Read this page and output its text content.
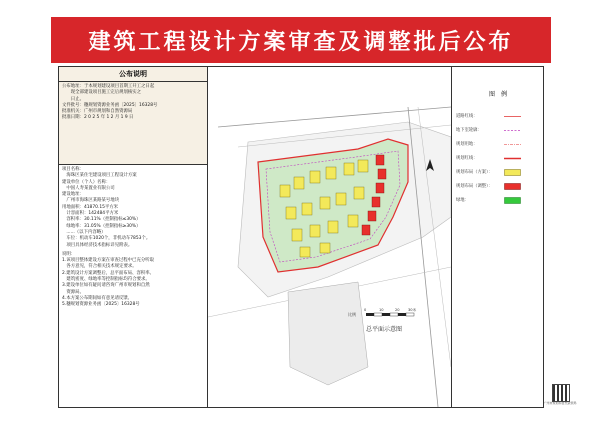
建筑工程设计方案审查及调整批后公布
公布说明

公布地址：于本规划建设项目首期工开工之日起

　　现全部建设项目施工完后规划核实之

　　日止。

文件批号：穗规划资源业务函〔2025〕16328号

批准机关：广州市规划和自然资源局

批准日期：2 0 2 5 年 1 2 月 1 9 日

项目名称：

　海珠区某住宅建设项目工程设计方案

建设单位（个人）名称：

　中国人寿某置业有限公司

建设地址：

　广州市海珠区某路某号地块

用地面积：41870.15平方米

　计容面积：142484平方米

　容积率：30.11%（控制指标≤30%）

　绿地率：31.05%（控制指标≥30%）

　......（以下内容略）

　车位：机动车1020个，非机动车7853个。

　项目具体经济技术指标详见附表。

说明：

1.该项目整体建设方案在审查过程中已充分听取

　各方意见，符合相关技术规定要求。

2.建筑设计方案调整后，总平面布局、容积率、

　建筑密度、绿地率等控制指标均符合要求。

3.建设单位如有疑问请咨询广州市规划和自然

　资源局。

4.本方案公布期间如有意见请反馈。

5.穗规划资源业务函〔2025〕16328号

比例
0	10	20 30米
总平面示意图
图　例
道路红线：
地下室轮廓：
规划用地：
规划红线：
规划布局（方案）：
规划布局（调整）：
绿地：
广州市规划和自然资源局
